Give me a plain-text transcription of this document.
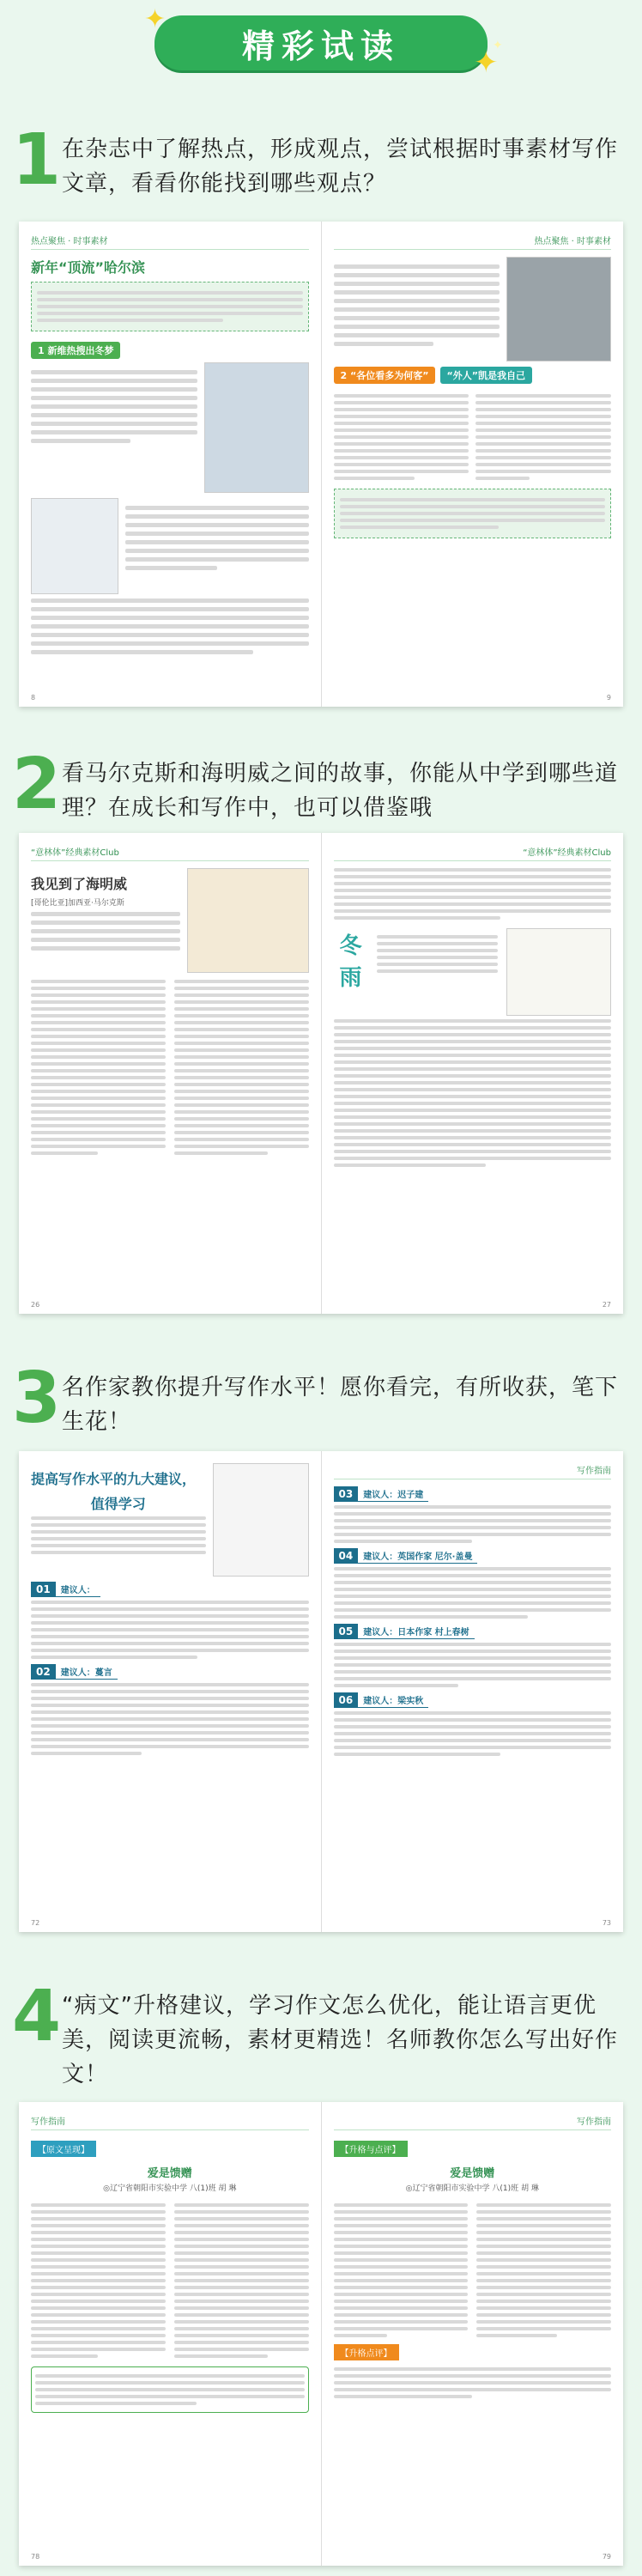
精彩试读
✦
✦
✦
1 在杂志中了解热点，形成观点，尝试根据时事素材写作文章，看看你能找到哪些观点？
热点聚焦 · 时事素材
新年“顶流”哈尔滨
1 新维热搜出冬梦
8
热点聚焦 · 时事素材
2 “各位看多为何客” “外人”凯是我自己
9
2 看马尔克斯和海明威之间的故事，你能从中学到哪些道理？在成长和写作中，也可以借鉴哦
“意林体”经典素材Club
我见到了海明威
[哥伦比亚]加西亚·马尔克斯
26
“意林体”经典素材Club
冬
雨
27
3 名作家教你提升写作水平！愿你看完，有所收获，笔下生花！
提高写作水平的九大建议，
值得学习
01	建议人：
02	建议人：蔓言
72
写作指南
03	建议人：迟子建
04	建议人：英国作家 尼尔·盖曼
05	建议人：日本作家 村上春树
06	建议人：梁实秋
73
4 “病文”升格建议，学习作文怎么优化，能让语言更优美，阅读更流畅，素材更精选！名师教你怎么写出好作文！
写作指南
【原文呈现】
爱是馈赠
◎辽宁省朝阳市实验中学 八(1)班 胡 琳
78
写作指南
【升格与点评】
爱是馈赠
◎辽宁省朝阳市实验中学 八(1)班 胡 琳
【升格点评】
79
